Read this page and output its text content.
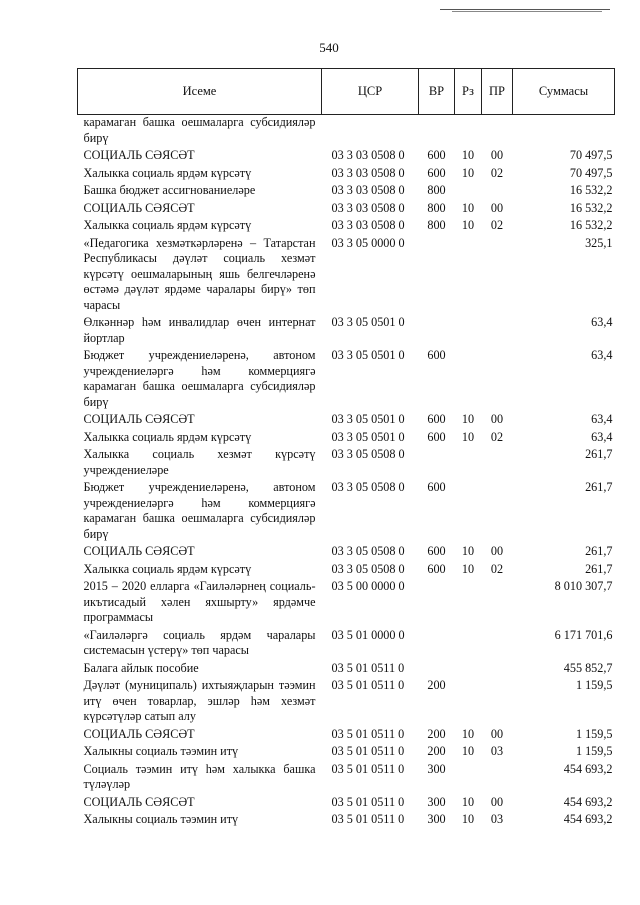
540
Исеме	ЦСР	ВР	Рз	ПР	Суммасы
карамаган башка оешмаларга субсидияләр бирү					
СОЦИАЛЬ СӘЯСӘТ	03 3 03 0508 0	600	10	00	70 497,5
Халыкка социаль ярдәм күрсәтү	03 3 03 0508 0	600	10	02	70 497,5
Башка бюджет ассигнованиеләре	03 3 03 0508 0	800			16 532,2
СОЦИАЛЬ СӘЯСӘТ	03 3 03 0508 0	800	10	00	16 532,2
Халыкка социаль ярдәм күрсәтү	03 3 03 0508 0	800	10	02	16 532,2
«Педагогика хезмәткәрләренә – Татарстан Республикасы дәүләт социаль хезмәт күрсәтү оешмаларының яшь белгечләренә өстәмә дәүләт ярдәме чаралары бирү» төп чарасы	03 3 05 0000 0				325,1
Өлкәннәр һәм инвалидлар өчен интернат йортлар	03 3 05 0501 0				63,4
Бюджет учреждениеләренә, автоном учреждениеләргә һәм коммерциягә карамаган башка оешмаларга субсидияләр бирү	03 3 05 0501 0	600			63,4
СОЦИАЛЬ СӘЯСӘТ	03 3 05 0501 0	600	10	00	63,4
Халыкка социаль ярдәм күрсәтү	03 3 05 0501 0	600	10	02	63,4
Халыкка социаль хезмәт күрсәтү учреждениеләре	03 3 05 0508 0				261,7
Бюджет учреждениеләренә, автоном учреждениеләргә һәм коммерциягә карамаган башка оешмаларга субсидияләр бирү	03 3 05 0508 0	600			261,7
СОЦИАЛЬ СӘЯСӘТ	03 3 05 0508 0	600	10	00	261,7
Халыкка социаль ярдәм күрсәтү	03 3 05 0508 0	600	10	02	261,7
2015 – 2020 елларга «Гаиләләрнең социаль-икътисадый хәлен яхшырту» ярдәмче программасы	03 5 00 0000 0				8 010 307,7
«Гаиләләргә социаль ярдәм чаралары системасын үстерү» төп чарасы	03 5 01 0000 0				6 171 701,6
Балага айлык пособие	03 5 01 0511 0				455 852,7
Дәүләт (муниципаль) ихтыяҗларын тәэмин итү өчен товарлар, эшләр һәм хезмәт күрсәтүләр сатып алу	03 5 01 0511 0	200			1 159,5
СОЦИАЛЬ СӘЯСӘТ	03 5 01 0511 0	200	10	00	1 159,5
Халыкны социаль тәэмин итү	03 5 01 0511 0	200	10	03	1 159,5
Социаль тәэмин итү һәм халыкка башка түләүләр	03 5 01 0511 0	300			454 693,2
СОЦИАЛЬ СӘЯСӘТ	03 5 01 0511 0	300	10	00	454 693,2
Халыкны социаль тәэмин итү	03 5 01 0511 0	300	10	03	454 693,2
